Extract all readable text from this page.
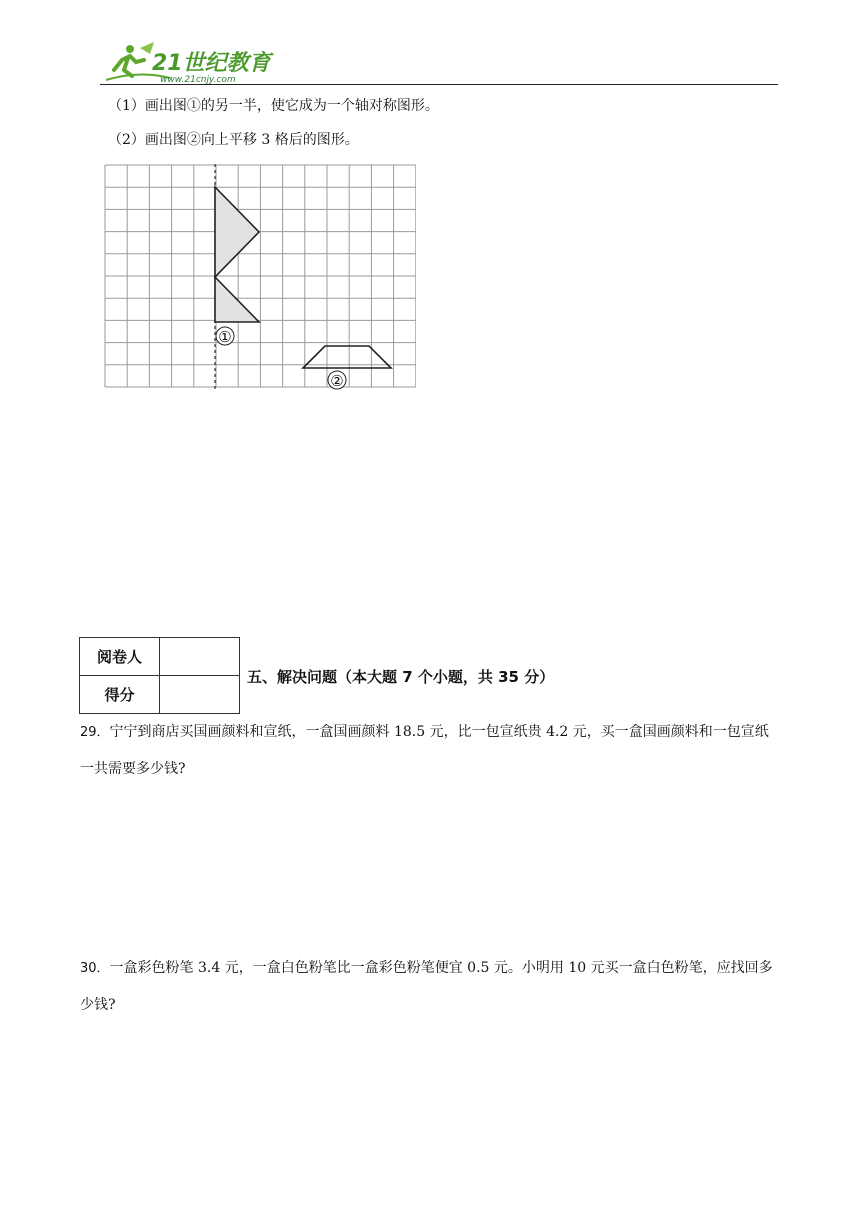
21世纪教育
www.21cnjy.com
（1）画出图①的另一半，使它成为一个轴对称图形。
（2）画出图②向上平移 3 格后的图形。
①
②
阅卷人	
得分	
五、解决问题（本大题 7 个小题，共 35 分）
29．宁宁到商店买国画颜料和宣纸，一盒国画颜料 18.5 元，比一包宣纸贵 4.2 元，买一盒国画颜料和一包宣纸一共需要多少钱?
30．一盒彩色粉笔 3.4 元，一盒白色粉笔比一盒彩色粉笔便宜 0.5 元。小明用 10 元买一盒白色粉笔，应找回多少钱?
